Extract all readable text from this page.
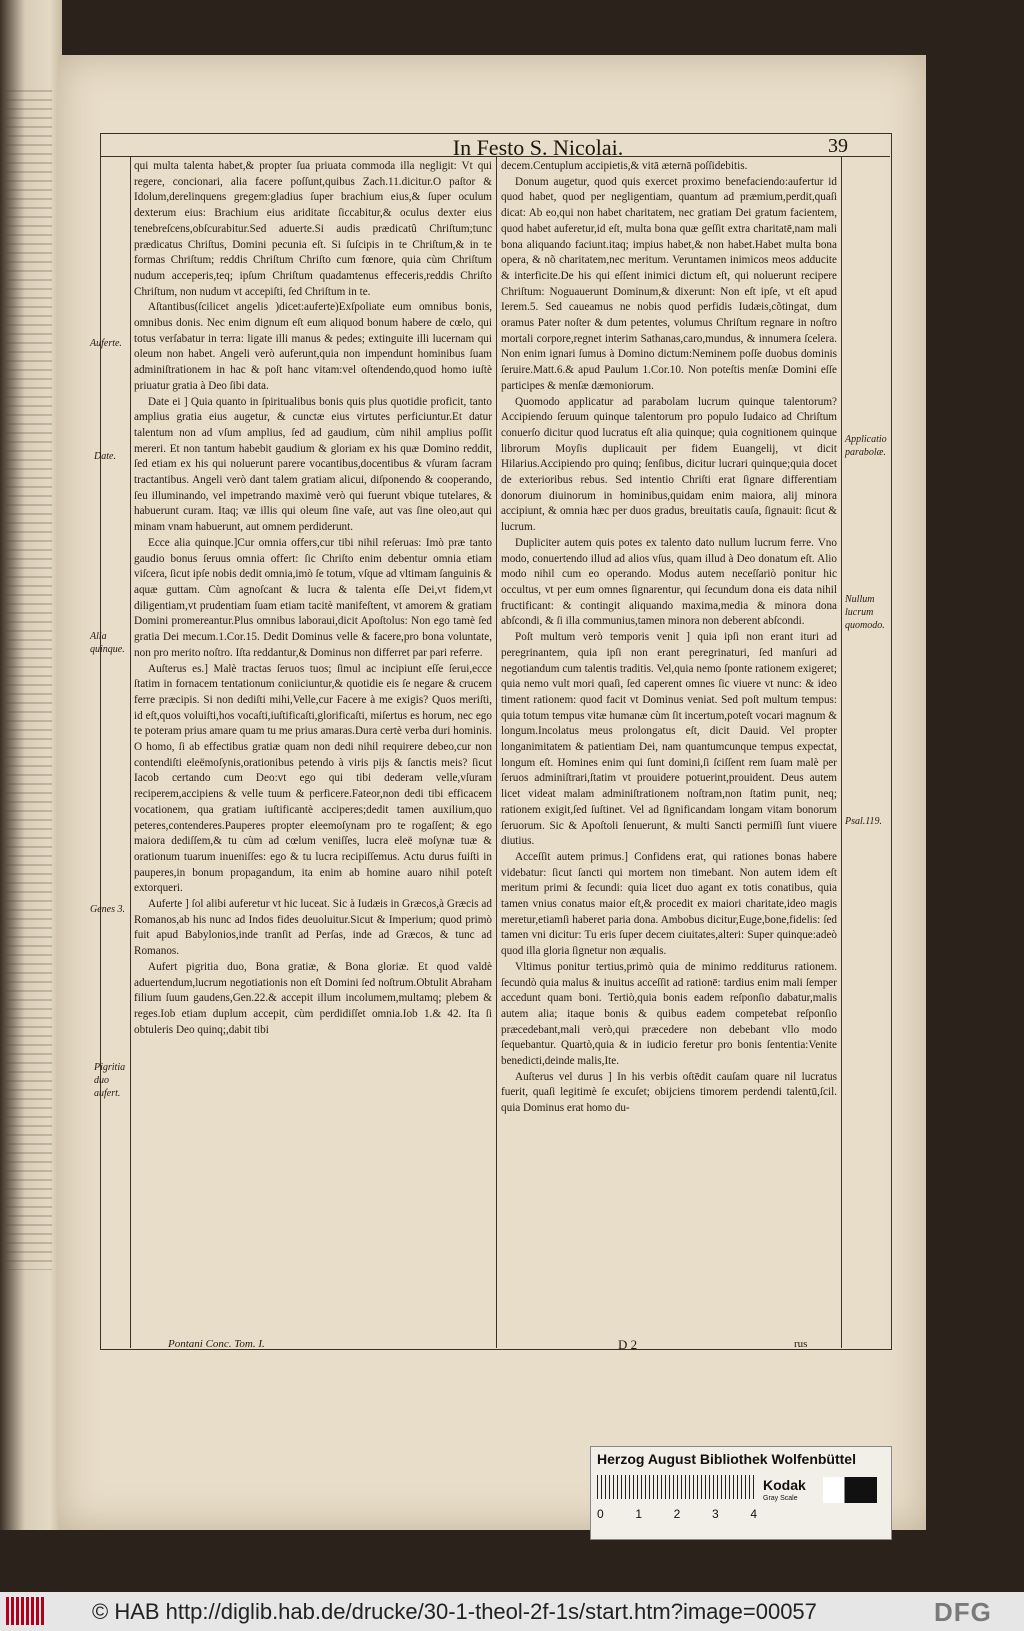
In Festo S. Nicolai.	39

qui multa talenta habet,& propter ſua priuata commoda illa negligit: Vt qui regere, concionari, alia facere poſſunt,quibus Zach.11.dicitur.O paſtor & Idolum,derelinquens gregem:gladius ſuper brachium eius,& ſuper oculum dexterum eius: Brachium eius ariditate ſiccabitur,& oculus dexter eius tenebreſcens,obſcurabitur.Sed aduerte.Si audis prædicatû Chriſtum;tunc prædicatus Chriſtus, Domini pecunia eſt. Si ſuſcipis in te Chriſtum,& in te formas Chriſtum; reddis Chriſtum Chriſto cum fœnore, quia cùm Chriſtum nudum acceperis,teq; ipſum Chriſtum quadamtenus effeceris,reddis Chriſto Chriſtum, non nudum vt accepiſti, ſed Chriſtum in te.

Aſtantibus(ſcilicet angelis )dicet:auferte)Exſpoliate eum omnibus bonis, omnibus donis. Nec enim dignum eſt eum aliquod bonum habere de cœlo, qui totus verſabatur in terra: ligate illi manus & pedes; extinguite illi lucernam qui oleum non habet. Angeli verò auferunt,quia non impendunt hominibus ſuam adminiſtrationem in hac & poſt hanc vitam:vel oſtendendo,quod homo iuſtè priuatur gratia à Deo ſibi data.

Date ei ] Quia quanto in ſpiritualibus bonis quis plus quotidie proficit, tanto amplius gratia eius augetur, & cunctæ eius virtutes perficiuntur.Et datur talentum non ad vſum amplius, ſed ad gaudium, cùm nihil amplius poſſit mereri. Et non tantum habebit gaudium & gloriam ex his quæ Domino reddit, ſed etiam ex his qui noluerunt parere vocantibus,docentibus & vſuram ſacram tractantibus. Angeli verò dant talem gratiam alicui, diſponendo & cooperando, ſeu illuminando, vel impetrando maximè verò qui fuerunt vbique tutelares, & habuerunt curam. Itaq; væ illis qui oleum ſine vaſe, aut vas ſine oleo,aut qui minam vnam habuerunt, aut omnem perdiderunt.

Ecce alia quinque.]Cur omnia offers,cur tibi nihil reſeruas: Imò præ tanto gaudio bonus ſeruus omnia offert: ſic Chriſto enim debentur omnia etiam viſcera, ſicut ipſe nobis dedit omnia,imò ſe totum, vſque ad vltimam ſanguinis & aquæ guttam. Cùm agnoſcant & lucra & talenta eſſe Dei,vt fidem,vt diligentiam,vt prudentiam ſuam etiam tacitè manifeſtent, vt amorem & gratiam Domini promereantur.Plus omnibus laboraui,dicit Apoſtolus: Non ego tamè ſed gratia Dei mecum.1.Cor.15. Dedit Dominus velle & facere,pro bona voluntate, non pro merito noſtro. Iſta reddantur,& Dominus non differret par pari referre.

Auſterus es.] Malè tractas ſeruos tuos; ſimul ac incipiunt eſſe ſerui,ecce ſtatim in fornacem tentationum coniiciuntur,& quotidie eis ſe negare & crucem ferre præcipis. Si non dediſti mihi,Velle,cur Facere à me exigis? Quos meriſti, id eſt,quos voluiſti,hos vocaſti,iuſtificaſti,glorificaſti, miſertus es horum, nec ego te poteram prius amare quam tu me prius amaras.Dura certè verba duri hominis. O homo, ſi ab effectibus gratiæ quam non dedi nihil requirere debeo,cur non contendiſti eleëmoſynis,orationibus petendo à viris pijs & ſanctis meis? ſicut Iacob certando cum Deo:vt ego qui tibi dederam velle,vſuram reciperem,accipiens & velle tuum & perficere.Fateor,non dedi tibi efficacem vocationem, qua gratiam iuſtificantè acciperes;dedit tamen auxilium,quo peteres,contenderes.Pauperes propter eleemoſynam pro te rogaſſent; & ego maiora dediſſem,& tu cùm ad cœlum veniſſes, lucra eleë moſynæ tuæ & orationum tuarum inueniſſes: ego & tu lucra recipiſſemus. Actu durus fuiſti in pauperes,in bonum propagandum, ita enim ab homine auaro nihil poteſt extorqueri.

Auferte ] ſol alibi auferetur vt hic luceat. Sic à Iudæis in Græcos,à Græcis ad Romanos,ab his nunc ad Indos fides deuoluitur.Sicut & Imperium; quod primò fuit apud Babylonios,inde tranſit ad Perſas, inde ad Græcos, & tunc ad Romanos.

Aufert pigritia duo, Bona gratiæ, & Bona gloriæ. Et quod valdè aduertendum,lucrum negotiationis non eſt Domini ſed noſtrum.Obtulit Abraham filium ſuum gaudens,Gen.22.& accepit illum incolumem,multamq; plebem & reges.Iob etiam duplum accepit, cùm perdidiſſet omnia.Iob 1.& 42. Ita ſi obtuleris Deo quinq;,dabit tibi

decem.Centuplum accipietis,& vitā æternā poſſidebitis.

Donum augetur, quod quis exercet proximo benefaciendo:aufertur id quod habet, quod per negligentiam, quantum ad præmium,perdit,quaſi dicat: Ab eo,qui non habet charitatem, nec gratiam Dei gratum facientem, quod habet auferetur,id eſt, multa bona quæ geſſit extra charitatē,nam mali bona aliquando faciunt.itaq; impius habet,& non habet.Habet multa bona opera, & nõ charitatem,nec meritum. Veruntamen inimicos meos adducite & interficite.De his qui eſſent inimici dictum eſt, qui noluerunt recipere Chriſtum: Noguauerunt Dominum,& dixerunt: Non eſt ipſe, vt eſt apud Ierem.5. Sed caueamus ne nobis quod perfidis Iudæis,cõtingat, dum oramus Pater noſter & dum petentes, volumus Chriſtum regnare in noſtro mortali corpore,regnet interim Sathanas,caro,mundus, & innumera ſcelera. Non enim ignari ſumus à Domino dictum:Neminem poſſe duobus dominis ſeruire.Matt.6.& apud Paulum 1.Cor.10. Non poteſtis menſæ Domini eſſe participes & menſæ dæmoniorum.

Quomodo applicatur ad parabolam lucrum quinque talentorum? Accipiendo ſeruum quinque talentorum pro populo Iudaico ad Chriſtum conuerſo dicitur quod lucratus eſt alia quinque; quia cognitionem quinque librorum Moyſis duplicauit per fidem Euangelij, vt dicit Hilarius.Accipiendo pro quinq; ſenſibus, dicitur lucrari quinque;quia docet de exterioribus rebus. Sed intentio Chriſti erat ſignare differentiam donorum diuinorum in hominibus,quidam enim maiora, alij minora accipiunt, & omnia hæc per duos gradus, breuitatis cauſa, ſignauit: ſicut & lucrum.

Dupliciter autem quis potes ex talento dato nullum lucrum ferre. Vno modo, conuertendo illud ad alios vſus, quam illud à Deo donatum eſt. Alio modo nihil cum eo operando. Modus autem neceſſariò ponitur hic occultus, vt per eum omnes ſignarentur, qui ſecundum dona eis data nihil fructificant: & contingit aliquando maxima,media & minora dona abſcondi, & ſi illa communius,tamen minora non deberent abſcondi.

Poſt multum verò temporis venit ] quia ipſi non erant ituri ad peregrinantem, quia ipſi non erant peregrinaturi, ſed manſuri ad negotiandum cum talentis traditis. Vel,quia nemo ſponte rationem exigeret; quia nemo vult mori quaſi, ſed caperent omnes ſic viuere vt nunc: & ideo timent rationem: quod facit vt Dominus veniat. Sed poſt multum tempus: quia totum tempus vitæ humanæ cùm ſit incertum,poteſt vocari magnum & longum.Incolatus meus prolongatus eſt, dicit Dauid. Vel propter longanimitatem & patientiam Dei, nam quantumcunque tempus expectat, longum eſt. Homines enim qui ſunt domini,ſi ſciſſent rem ſuam malè per ſeruos adminiſtrari,ſtatim vt prouidere potuerint,prouident. Deus autem licet videat malam adminiſtrationem noſtram,non ſtatim punit, neq; rationem exigit,ſed ſuſtinet. Vel ad ſignificandam longam vitam bonorum ſeruorum. Sic & Apoſtoli ſenuerunt, & multi Sancti permiſſi ſunt viuere diutius.

Acceſſit autem primus.] Confidens erat, qui rationes bonas habere videbatur: ſicut ſancti qui mortem non timebant. Non autem idem eſt meritum primi & ſecundi: quia licet duo agant ex totis conatibus, quia tamen vnius conatus maior eſt,& procedit ex maiori charitate,ideo magis meretur,etiamſi haberet paria dona. Ambobus dicitur,Euge,bone,fidelis: ſed tamen vni dicitur: Tu eris ſuper decem ciuitates,alteri: Super quinque:adeò quod illa gloria ſignetur non æqualis.

Vltimus ponitur tertius,primò quia de minimo redditurus rationem. ſecundò quia malus & inuitus acceſſit ad rationē: tardius enim mali ſemper accedunt quam boni. Tertiò,quia bonis eadem reſponſio dabatur,malis autem alia; itaque bonis & quibus eadem competebat reſponſio præcedebant,mali verò,qui præcedere non debebant vllo modo ſequebantur. Quartò,quia & in iudicio feretur pro bonis ſententia:Venite benedicti,deinde malis,Ite.

Auſterus vel durus ] In his verbis oſtēdit cauſam quare nil lucratus fuerit, quaſi legitimè ſe excuſet; obijciens timorem perdendi talentū,ſcil. quia Dominus erat homo du-

Auferte.
Date.
Alia quinque.
Genes 3.
Pigritia duo aufert.
Applicatio parabolæ.
Nullum lucrum quomodo.
Psal.119.
Pontani Conc. Tom. I.	D 2	rus
Herzog August Bibliothek Wolfenbüttel
0	1	2	3	4
Kodak
Gray Scale
© HAB http://diglib.hab.de/drucke/30-1-theol-2f-1s/start.htm?image=00057	DFG
